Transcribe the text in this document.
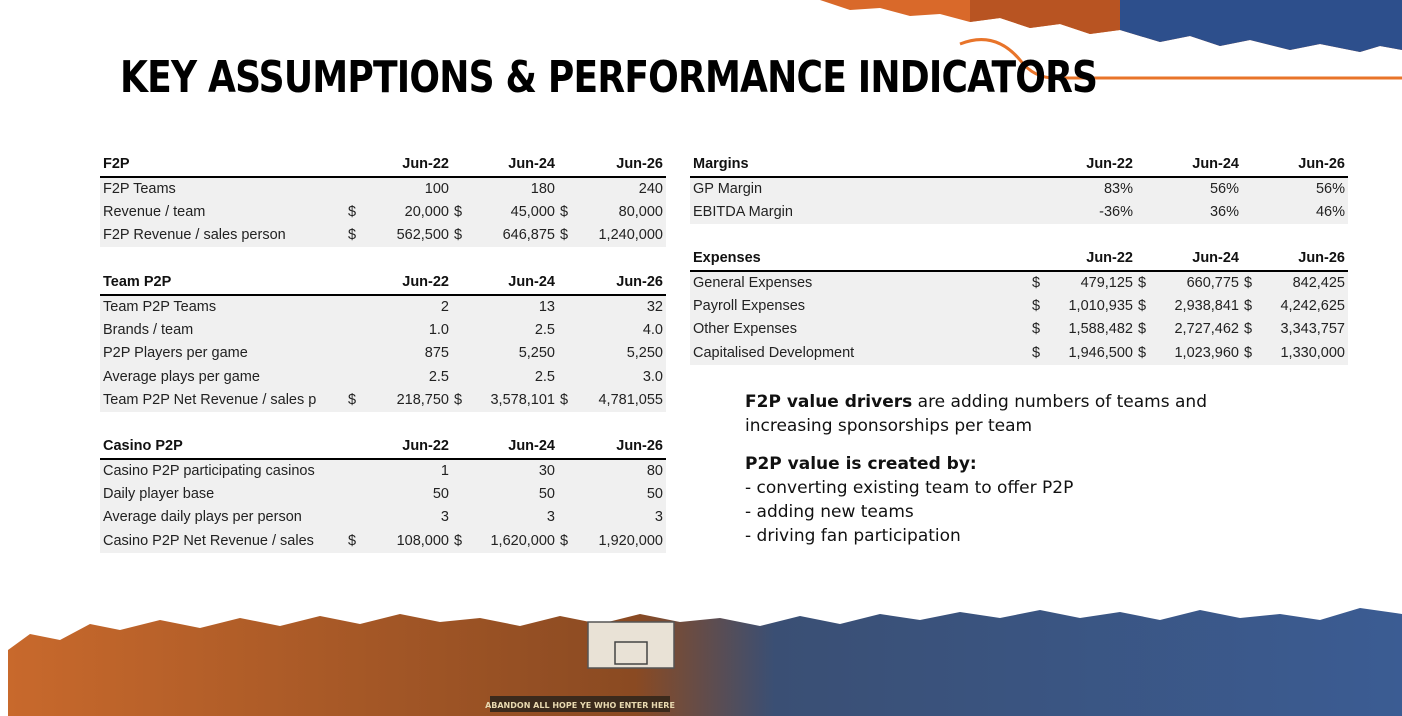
KEY ASSUMPTIONS & PERFORMANCE INDICATORS
F2P	Jun-22		Jun-24		Jun-26	
F2P Teams		100		180		240
Revenue / team	$	20,000	$	45,000	$	80,000
F2P Revenue / sales person	$	562,500	$	646,875	$	1,240,000
Team P2P	Jun-22		Jun-24		Jun-26	
Team P2P Teams		2		13		32
Brands / team		1.0		2.5		4.0
P2P Players per game		875		5,250		5,250
Average plays per game		2.5		2.5		3.0
Team P2P Net Revenue / sales p	$	218,750	$	3,578,101	$	4,781,055
Casino P2P	Jun-22		Jun-24		Jun-26	
Casino P2P participating casinos		1		30		80
Daily player base		50		50		50
Average daily plays per person		3		3		3
Casino P2P Net Revenue / sales	$	108,000	$	1,620,000	$	1,920,000
Margins	Jun-22		Jun-24		Jun-26	
GP Margin		83%		56%		56%
EBITDA Margin		-36%		36%		46%
Expenses	Jun-22		Jun-24		Jun-26	
General Expenses	$	479,125	$	660,775	$	842,425
Payroll Expenses	$	1,010,935	$	2,938,841	$	4,242,625
Other Expenses	$	1,588,482	$	2,727,462	$	3,343,757
Capitalised Development	$	1,946,500	$	1,023,960	$	1,330,000
F2P value drivers are adding numbers of teams and increasing sponsorships per team
P2P value is created by:
- converting existing team to offer P2P
- adding new teams
- driving fan participation
ABANDON ALL HOPE YE WHO ENTER HERE
